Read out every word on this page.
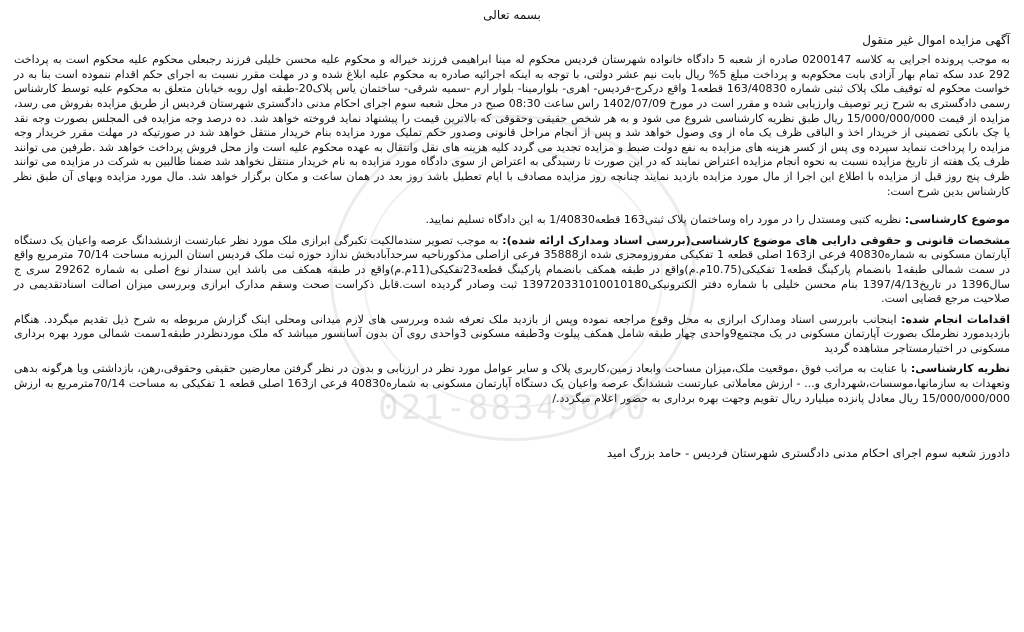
بسمه تعالی
آگهی مزایده اموال غیر منقول

به موجب پرونده اجرایی به کلاسه 0200147 صادره از شعبه 5 دادگاه خانواده شهرستان فردیس محکوم له مینا ابراهیمی فرزند خیراله و محکوم علیه محسن خلیلی فرزند رجبعلی محکوم علیه محکوم است به پرداخت 292 عدد سکه تمام بهار آزادی بابت محکوم‌به و پرداخت مبلغ 5% ریال بابت نیم عشر دولتی، با توجه به اینکه اجرائیه صادره به محکوم علیه ابلاغ شده و در مهلت مقرر نسبت به اجرای حکم اقدام ننموده است بنا به در خواست محکوم له توقیف ملک پلاک ثبتی شماره 163/40830 قطعه1 واقع درکرج-فردیس- اهری- بلوارمینا- بلوار ارم -سمیه شرقی- ساختمان یاس پلاک20-طبقه اول روبه خیابان متعلق به محکوم علیه توسط کارشناس رسمی دادگستری به شرح زیر توصیف وارزیابی شده و مقرر است در مورخ 1402/07/09 راس ساعت 08:30 صبح در محل شعبه سوم اجرای احکام مدنی دادگستری شهرستان فردیس از طریق مزایده بفروش می رسد، مزایده از قیمت 15/000/000/000 ریال طبق نظریه کارشناسی شروع می شود و به هر شخص حقیقی وحقوقی که بالاترین قیمت را پیشنهاد نماید فروخته خواهد شد. ده درصد وجه مزایده فی المجلس بصورت وجه نقد یا چک بانکی تضمینی از خریدار اخذ و الباقی ظرف یک ماه از وی وصول خواهد شد و پس از انجام مراحل قانونی وصدور حکم تملیک مورد مزایده بنام خریدار منتقل خواهد شد در صورتیکه در مهلت مقرر خریدار وجه مزایده را پرداخت ننماید سپرده وی پس از کسر هزینه های مزایده به نفع دولت ضبط و مزایده تجدید می گردد کلیه هزینه های نقل وانتقال به عهده محکوم علیه است واز محل فروش پرداخت خواهد شد .طرفین می توانند ظرف یک هفته از تاریخ مزایده نسبت به نحوه انجام مزایده اعتراض نمایند که در این صورت تا رسیدگی به اعتراض از سوی دادگاه مورد مزایده به نام خریدار منتقل نخواهد شد ضمنا طالبین به شرکت در مزایده می توانند ظرف پنج روز قبل از مزایده با اطلاع این اجرا از مال مورد مزایده بازدید نمایند چنانچه روز مزایده مصادف با ایام تعطیل باشد روز بعد در همان ساعت و مکان برگزار خواهد شد. مال مورد مزایده وبهای آن طبق نظر کارشناس بدین شرح است:

موضوع کارشناسی: نظریه کتبی ومستدل را در مورد راه وساختمان پلاک ثبتی163 قطعه1/40830 به این دادگاه تسلیم نمایید.

مشخصات قانونی و حقوقی دارایی های موضوع کارشناسی(بررسی اسناد ومدارک ارائه شده): به موجب تصویر سندمالکیت تکبرگی ابرازی ملک مورد نظر عبارتست ازششدانگ عرصه واعیان یک دستگاه آپارتمان مسکونی به شماره40830 فرعی از163 اصلی قطعه 1 تفکیکی مفروزومجزی شده از35888 فرعی ازاصلی مذکورناحیه سرحدآبادبخش ندارد حوزه ثبت ملک فردیس استان البرزبه مساحت 70/14 مترمربع واقع در سمت شمالی طبقه1 بانضمام پارکینگ قطعه1 تفکیکی(10.75م.م)واقع در طبقه همکف بانضمام پارکینگ قطعه23تفکیکی(11م.م)واقع در طبقه همکف می باشد این سنداز نوع اصلی به شماره 29262 سری ج سال1396 در تاریخ1397/4/13 بنام محسن خلیلی با شماره دفتر الکترونیکی139720331010010180 ثبت وصادر گردیده است.قابل ذکراست صحت وسقم مدارک ابرازی وبررسی میزان اصالت اسنادتقدیمی در صلاحیت مرجع قضایی است.

اقدامات انجام شده: اینجانب بابررسی اسناد ومدارک ابرازی به محل وقوع مراجعه نموده وپس از بازدید ملک تعرفه شده وبررسی های لازم میدانی ومحلی اینک گزارش مربوطه به شرح ذیل تقدیم میگردد. هنگام بازدیدمورد نظرملک بصورت آپارتمان مسکونی در یک مجتمع9واحدی چهار طبقه شامل همکف پیلوت و3طبقه مسکونی 3واحدی روی آن بدون آسانسور میباشد که ملک موردنظردر طبقه1سمت شمالی مورد بهره برداری مسکونی در اختیارمستاجر مشاهده گردید

نظریه کارشناسی: با عنایت به مراتب فوق ،موقعیت ملک،میزان مساحت وابعاد زمین،کاربری پلاک و سایر عوامل مورد نظر در ارزیابی و بدون در نظر گرفتن معارضین حقیقی وحقوقی،رهن، بازداشتی ویا هرگونه بدهی وتعهدات به سازمانها،موسسات،شهرداری و... - ارزش معاملاتی عبارتست ششدانگ عرصه واعیان یک دستگاه آپارتمان مسکونی به شماره40830 فرعی از163 اصلی قطعه 1 تفکیکی به مساحت 70/14مترمربع به ارزش 15/000/000/000 ریال معادل پانزده میلیارد ریال تقویم وجهت بهره برداری به حضور اعلام میگردد./

دادورز شعبه سوم اجرای احکام مدنی دادگستری شهرستان فردیس - حامد بزرگ امید
021-88349670
